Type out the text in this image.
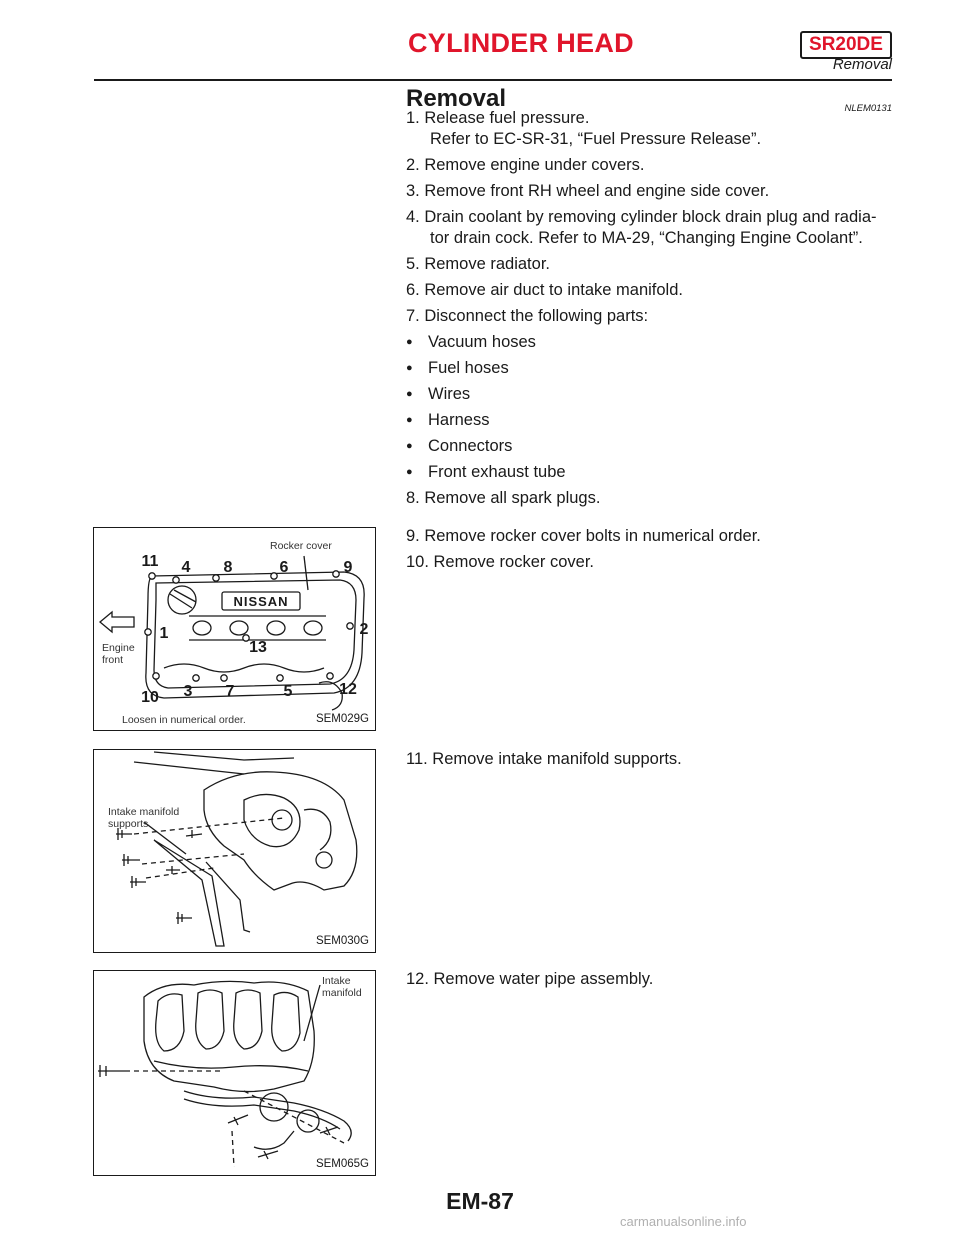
CYLINDER HEAD	SR20DE
Removal
Removal	NLEM0131

1. Release fuel pressure.

Refer to EC-SR-31, “Fuel Pressure Release”.

2. Remove engine under covers.

3. Remove front RH wheel and engine side cover.

4. Drain coolant by removing cylinder block drain plug and radia-

tor drain cock. Refer to MA-29, “Changing Engine Coolant”.

5. Remove radiator.

6. Remove air duct to intake manifold.

7. Disconnect the following parts:

● Vacuum hoses

● Fuel hoses

● Wires

● Harness

● Connectors

● Front exhaust tube

8. Remove all spark plugs.

9. Remove rocker cover bolts in numerical order.

10. Remove rocker cover.

11. Remove intake manifold supports.

12. Remove water pipe assembly.

11 4 8	6	9
1	2
13
10 3 7	5	12
NISSAN
Rocker cover
Engine
front
Loosen in numerical order.	SEM029G
Intake manifold
supports
SEM030G
Intake
manifold
SEM065G
EM-87
carmanualsonline.info
